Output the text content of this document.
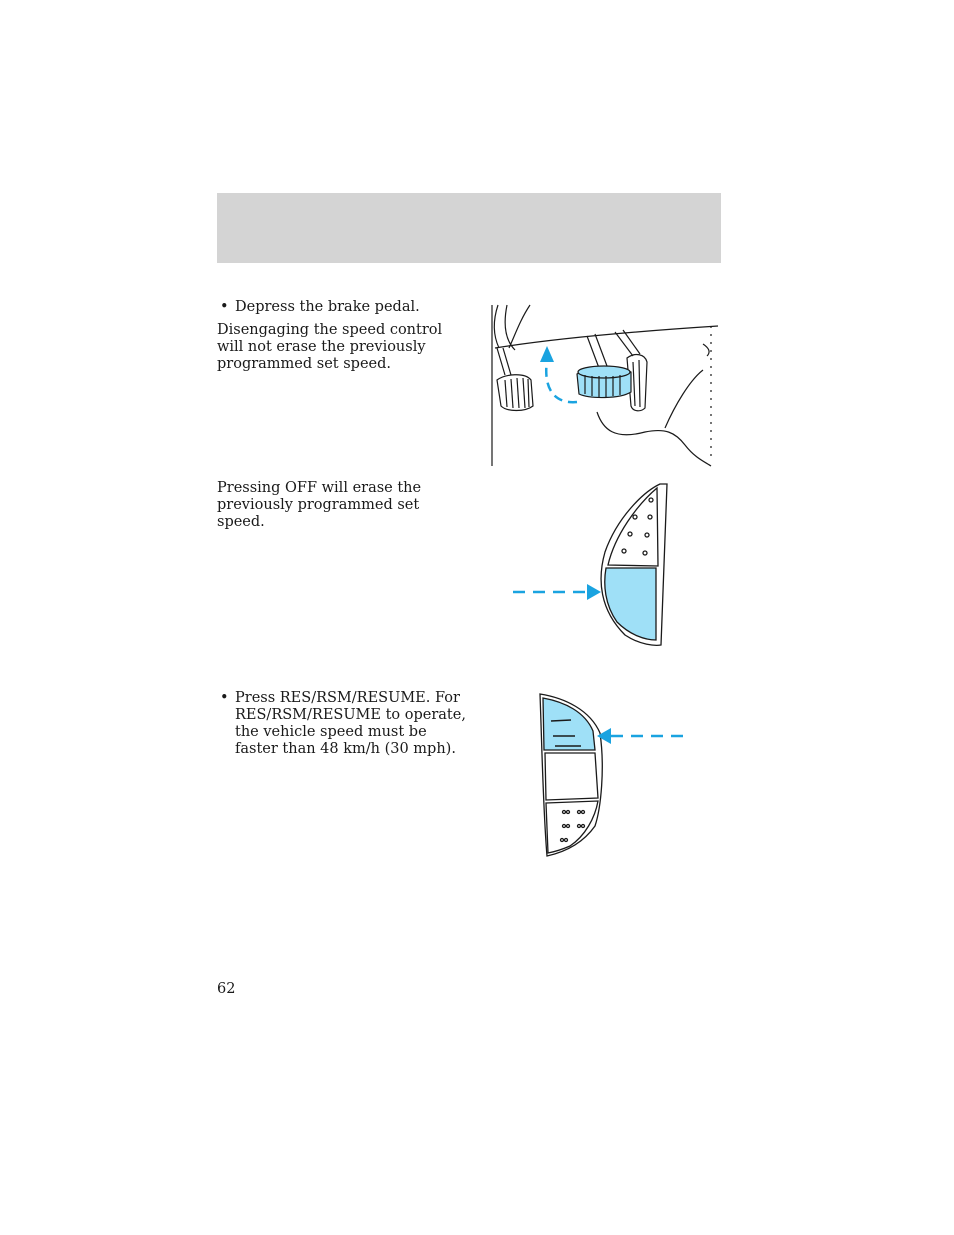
• Depress the brake pedal.

Disengaging the speed control will not erase the previously programmed set speed.

Pressing OFF will erase the previously programmed set speed.

• Press RES/RSM/RESUME. For RES/RSM/RESUME to operate, the vehicle speed must be faster than 48 km/h (30 mph).

62
